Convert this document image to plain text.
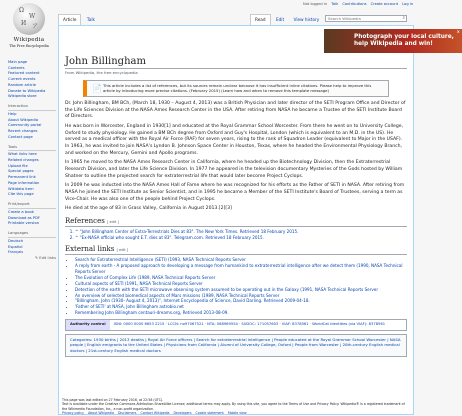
Not logged in Talk Contributions Create account Log in
Ω
W
И ア
Wikipedia
The Free Encyclopedia
Main page
Contents
Featured content
Current events
Random article
Donate to Wikipedia
Wikipedia store
Interaction
Help
About Wikipedia
Community portal
Recent changes
Contact page
Tools
What links here
Related changes
Upload file
Special pages
Permanent link
Page information
Wikidata item
Cite this page
Print/export
Create a book
Download as PDF
Printable version
Languages
Deutsch
Español
Français
✎ Edit links
Article Talk	Read Edit View history	Search Wikipedia	⌕
Photograph your local culture, help Wikipedia and win!
×
John Billingham
From Wikipedia, the free encyclopedia
📄 This article includes a list of references, but its sources remain unclear because it has insufficient inline citations. Please help to improve this article by introducing more precise citations. (February 2015) (Learn how and when to remove this template message)

Dr. John Billingham, BM BCh, (March 18, 1930 – August 4, 2013) was a British Physician and later director of the SETI Program Office and Director of the Life Sciences Division at the NASA Ames Research Center in the USA. After retiring from NASA he became a Trustee of the SETI Institute Board of Directors.

He was born in Worcester, England in 1930[1] and educated at the Royal Grammar School Worcester. From there he went on to University College, Oxford to study physiology. He gained a BM BCh degree from Oxford and Guy's Hospital, London (which is equivalent to an M.D. in the US). He served as a medical officer with the Royal Air Force (RAF) for seven years, rising to the rank of Squadron Leader (equivalent to Major in the USAF). In 1963, he was invited to join NASA's Lyndon B. Johnson Space Center in Houston, Texas, where he headed the Environmental Physiology Branch, and worked on the Mercury, Gemini and Apollo programs.

In 1965 he moved to the NASA Ames Research Center in California, where he headed up the Biotechnology Division, then the Extraterrestrial Research Division, and later the Life Science Division. In 1977 he appeared in the television documentary Mysteries of the Gods hosted by William Shatner to outline the projected search for extraterrestrial life that would later become Project Cyclops.

In 2009 he was inducted into the NASA Ames Hall of Fame where he was recognized for his efforts as the Father of SETI in NASA. After retiring from NASA he joined the SETI Institute as Senior Scientist, and in 1995 he became a Member of the SETI Institute's Board of Trustees, serving a term as Vice-Chair. He was also one of the people behind Project Cyclops.

He died at the age of 83 in Grass Valley, California in August 2013.[2][3]

References [ edit ]
1. ^ "John Billingham Center of Extra-Terrestrials Dies at 83". The New York Times. Retrieved 18 February 2015.
2. ^ "Ex-NASA official who sought E.T. dies at 83". Telegram.com. Retrieved 18 February 2015.
External links [ edit ]
• Search for Extraterrestrial Intelligence (SETI) (1993, NASA Technical Reports Server
• A reply from earth - A proposed approach to developing a message from humankind to extraterrestrial intelligence after we detect them (1990, NASA Technical Reports Server
• The Evolution of Complex Life (1989, NASA Technical Reports Server
• Cultural aspects of SETI (1991, NASA Technical Reports Server
• Detection of the earth with the SETI microwave observing system assumed to be operating out in the Galaxy (1991, NASA Technical Reports Server
• An overview of selected biomedical aspects of Mars missions (1989, NASA Technical Reports Server
• "Billingham, John (1930- August 4, 2013)", Internet Encyclopedia of Science, David Darling. Retrieved 2009-04-18.
• 'Father of SETI' at NASA, John Billingham astrobio.net
• Remembering John Billingham centauri-dreams.org, Retrieved 2013-08-09.
Authority control	ISNI: 0000 0000 6653 2215 · LCCN: no97067521 · NTA: 068969554 · SUDOC: 171057603 · VIAF: 8378561 · WorldCat Identities (via VIAF): 8378561
Categories: 1930 births | 2013 deaths | Royal Air Force officers | Search for extraterrestrial intelligence | People educated at the Royal Grammar School Worcester | NASA people | English emigrants to the United States | Physicians from California | Alumni of University College, Oxford | People from Worcester | 20th-century English medical doctors | 21st-century English medical doctors
This page was last edited on 27 February 2016, at 22:58 (UTC).
Text is available under the Creative Commons Attribution-ShareAlike License; additional terms may apply. By using this site, you agree to the Terms of Use and Privacy Policy. Wikipedia® is a registered trademark of the Wikimedia Foundation, Inc., a non-profit organization.
Privacy policy About Wikipedia Disclaimers Contact Wikipedia Developers Cookie statement Mobile view
